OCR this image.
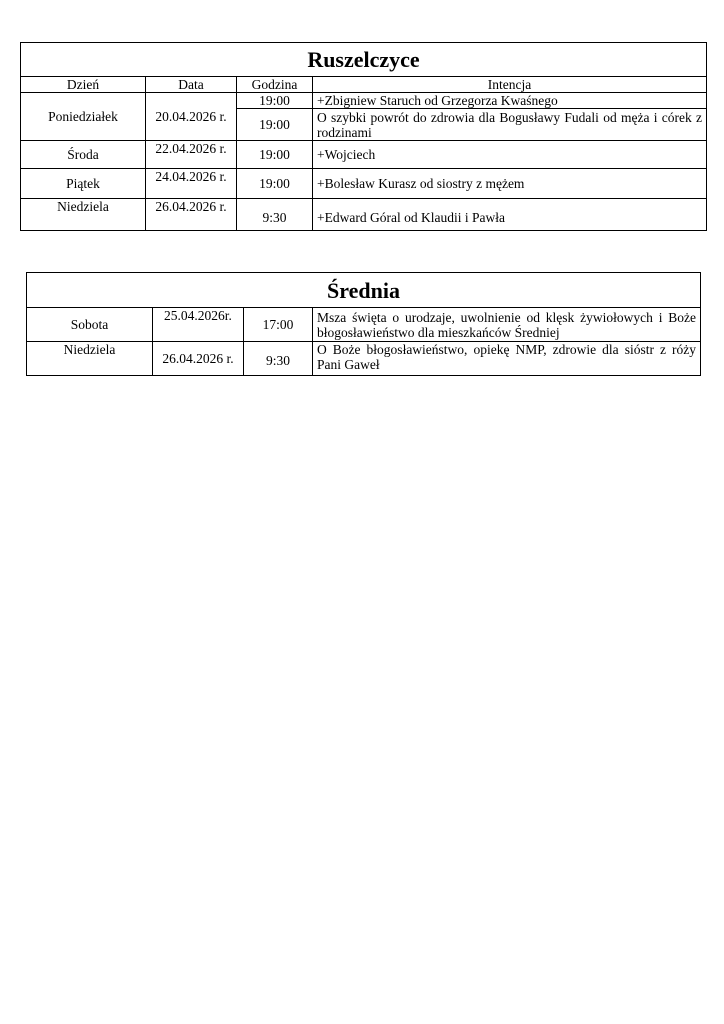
Ruszelczyce			
Dzień	Data	Godzina	Intencja
Poniedziałek	20.04.2026 r.	19:00	+Zbigniew Staruch od Grzegorza Kwaśnego
		19:00	O szybki powrót do zdrowia dla Bogusławy Fudali od męża i córek z rodzinami
Środa	22.04.2026 r.	19:00	+Wojciech
Piątek	24.04.2026 r.	19:00	+Bolesław Kurasz od siostry z mężem
Niedziela	26.04.2026 r.	9:30	+Edward Góral od Klaudii i Pawła
Średnia			
Sobota	25.04.2026r.	17:00	Msza święta o urodzaje, uwolnienie od klęsk żywiołowych i Boże błogosławieństwo dla mieszkańców Średniej
Niedziela	26.04.2026 r.	9:30	O Boże błogosławieństwo, opiekę NMP, zdrowie dla sióstr z róży Pani Gaweł
